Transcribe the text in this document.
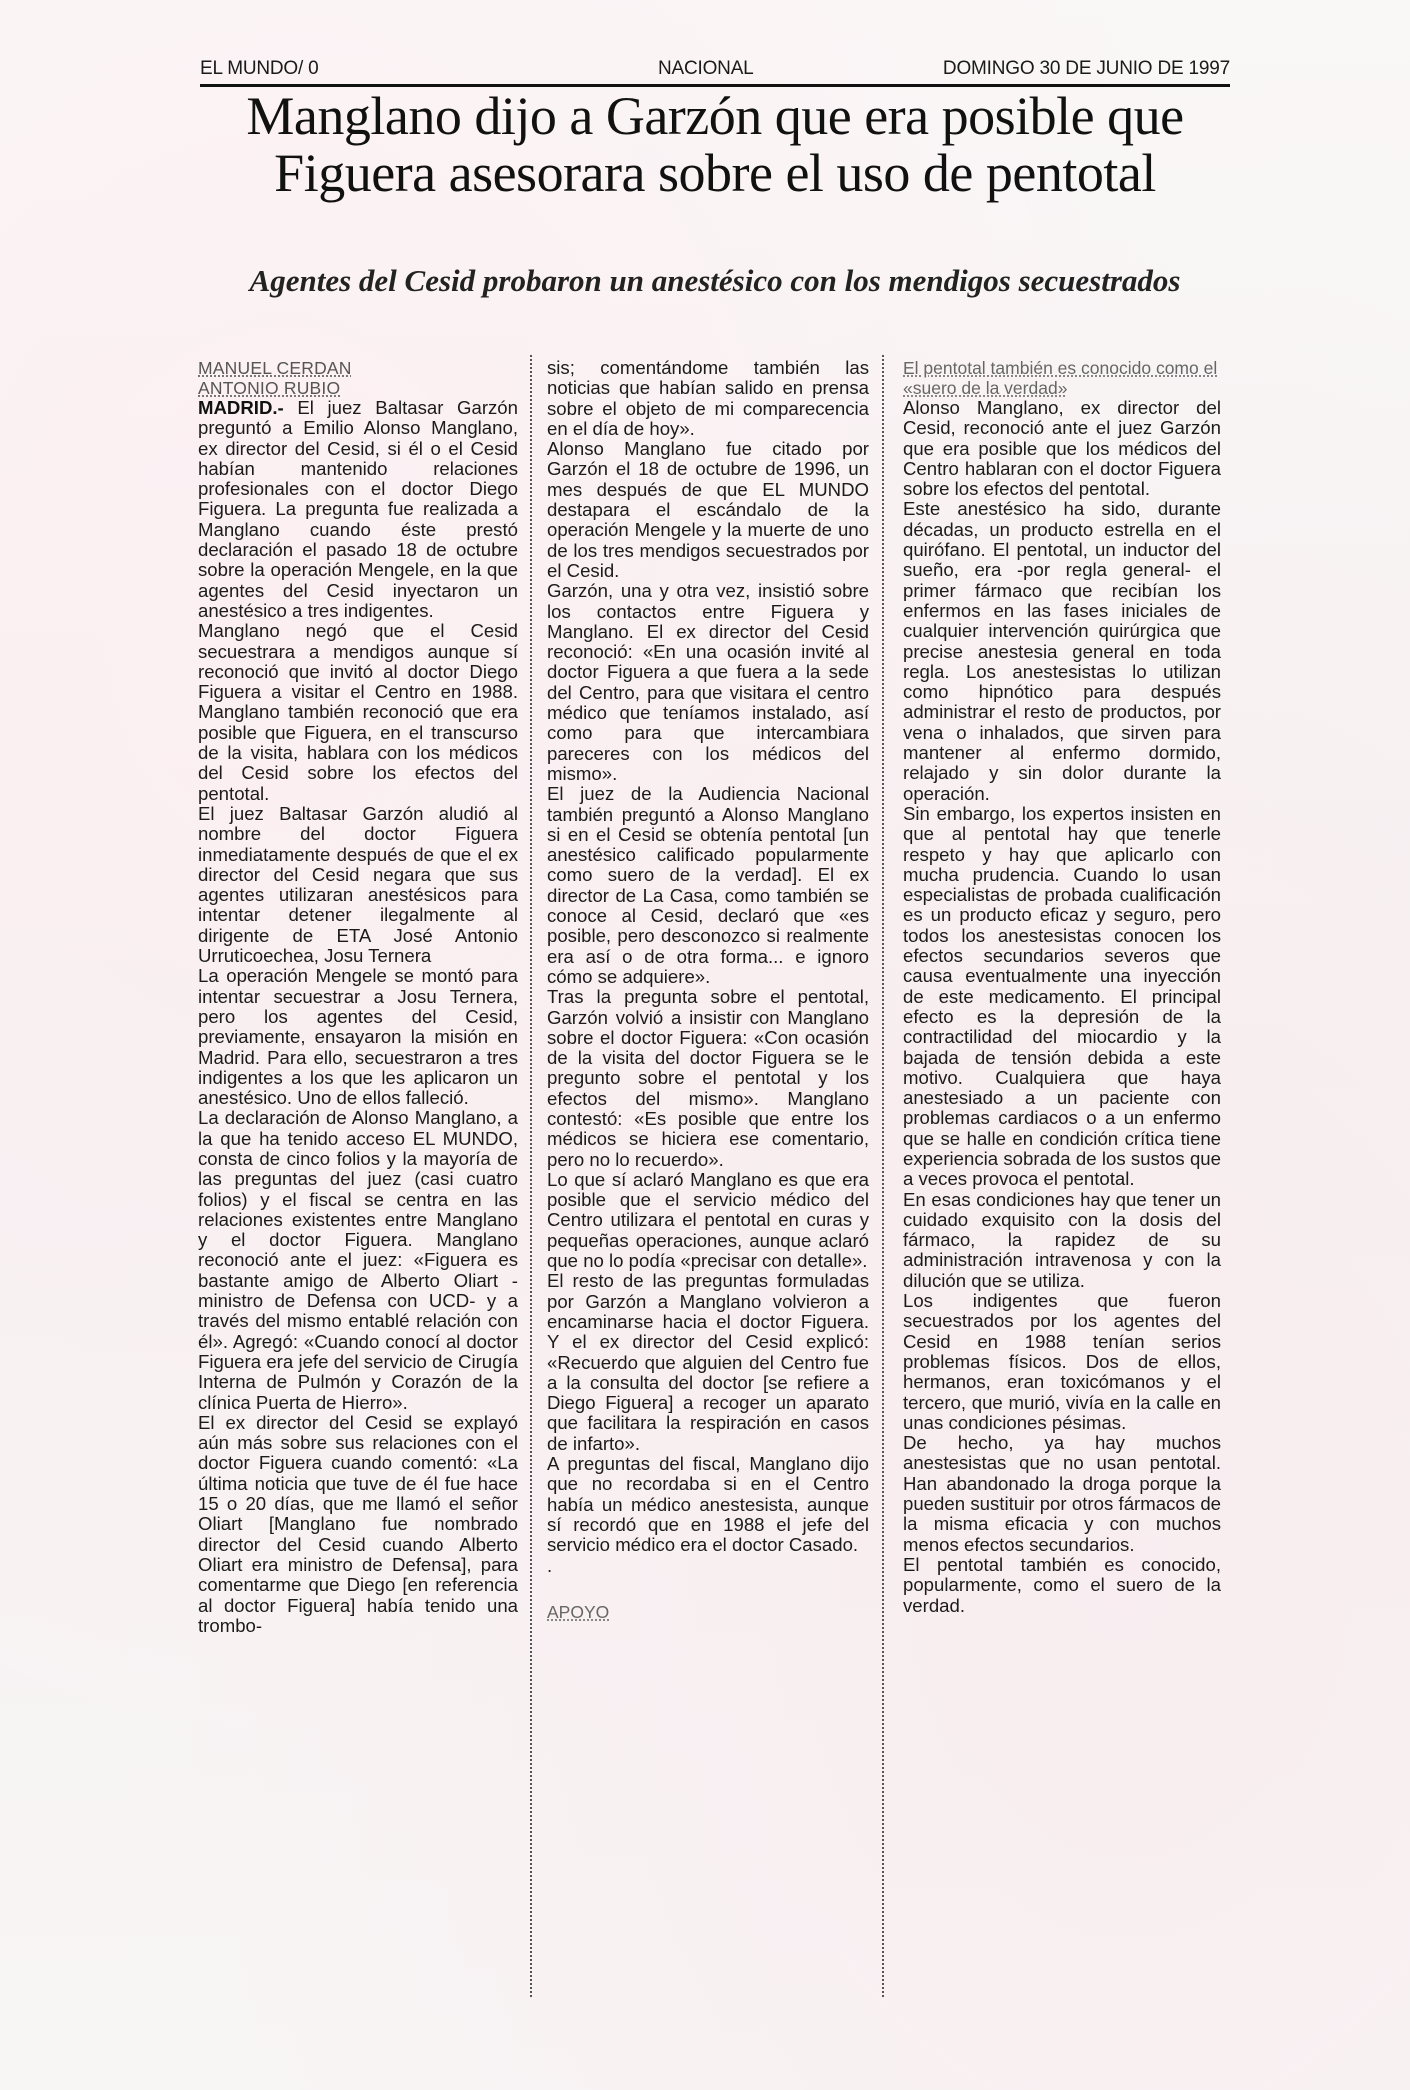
EL MUNDO/ 0	NACIONAL	DOMINGO 30 DE JUNIO DE 1997
Manglano dijo a Garzón que era posible que Figuera asesorara sobre el uso de pentotal
Agentes del Cesid probaron un anestésico con los mendigos secuestrados
MANUEL CERDAN
ANTONIO RUBIO

MADRID.- El juez Baltasar Garzón preguntó a Emilio Alonso Manglano, ex director del Cesid, si él o el Cesid habían mantenido relaciones profesionales con el doctor Diego Figuera. La pregunta fue realizada a Manglano cuando éste prestó declaración el pasado 18 de octubre sobre la operación Mengele, en la que agentes del Cesid inyectaron un anestésico a tres indigentes.

Manglano negó que el Cesid secuestrara a mendigos aunque sí reconoció que invitó al doctor Diego Figuera a visitar el Centro en 1988. Manglano también reconoció que era posible que Figuera, en el transcurso de la visita, hablara con los médicos del Cesid sobre los efectos del pentotal.

El juez Baltasar Garzón aludió al nombre del doctor Figuera inmediatamente después de que el ex director del Cesid negara que sus agentes utilizaran anestésicos para intentar detener ilegalmente al dirigente de ETA José Antonio Urruticoechea, Josu Ternera

La operación Mengele se montó para intentar secuestrar a Josu Ternera, pero los agentes del Cesid, previamente, ensayaron la misión en Madrid. Para ello, secuestraron a tres indigentes a los que les aplicaron un anestésico. Uno de ellos falleció.

La declaración de Alonso Manglano, a la que ha tenido acceso EL MUNDO, consta de cinco folios y la mayoría de las preguntas del juez (casi cuatro folios) y el fiscal se centra en las relaciones existentes entre Manglano y el doctor Figuera. Manglano reconoció ante el juez: «Figuera es bastante amigo de Alberto Oliart -ministro de Defensa con UCD- y a través del mismo entablé relación con él». Agregó: «Cuando conocí al doctor Figuera era jefe del servicio de Cirugía Interna de Pulmón y Corazón de la clínica Puerta de Hierro».

El ex director del Cesid se explayó aún más sobre sus relaciones con el doctor Figuera cuando comentó: «La última noticia que tuve de él fue hace 15 o 20 días, que me llamó el señor Oliart [Manglano fue nombrado director del Cesid cuando Alberto Oliart era ministro de Defensa], para comentarme que Diego [en referencia al doctor Figuera] había tenido una trombo-

sis; comentándome también las noticias que habían salido en prensa sobre el objeto de mi comparecencia en el día de hoy».

Alonso Manglano fue citado por Garzón el 18 de octubre de 1996, un mes después de que EL MUNDO destapara el escándalo de la operación Mengele y la muerte de uno de los tres mendigos secuestrados por el Cesid.

Garzón, una y otra vez, insistió sobre los contactos entre Figuera y Manglano. El ex director del Cesid reconoció: «En una ocasión invité al doctor Figuera a que fuera a la sede del Centro, para que visitara el centro médico que teníamos instalado, así como para que intercambiara pareceres con los médicos del mismo».

El juez de la Audiencia Nacional también preguntó a Alonso Manglano si en el Cesid se obtenía pentotal [un anestésico calificado popularmente como suero de la verdad]. El ex director de La Casa, como también se conoce al Cesid, declaró que «es posible, pero desconozco si realmente era así o de otra forma... e ignoro cómo se adquiere».

Tras la pregunta sobre el pentotal, Garzón volvió a insistir con Manglano sobre el doctor Figuera: «Con ocasión de la visita del doctor Figuera se le pregunto sobre el pentotal y los efectos del mismo». Manglano contestó: «Es posible que entre los médicos se hiciera ese comentario, pero no lo recuerdo».

Lo que sí aclaró Manglano es que era posible que el servicio médico del Centro utilizara el pentotal en curas y pequeñas operaciones, aunque aclaró que no lo podía «precisar con detalle».

El resto de las preguntas formuladas por Garzón a Manglano volvieron a encaminarse hacia el doctor Figuera. Y el ex director del Cesid explicó: «Recuerdo que alguien del Centro fue a la consulta del doctor [se refiere a Diego Figuera] a recoger un aparato que facilitara la respiración en casos de infarto».

A preguntas del fiscal, Manglano dijo que no recordaba si en el Centro había un médico anestesista, aunque sí recordó que en 1988 el jefe del servicio médico era el doctor Casado.

.
APOYO
El pentotal también es conocido como el «suero de la verdad»

Alonso Manglano, ex director del Cesid, reconoció ante el juez Garzón que era posible que los médicos del Centro hablaran con el doctor Figuera sobre los efectos del pentotal.

Este anestésico ha sido, durante décadas, un producto estrella en el quirófano. El pentotal, un inductor del sueño, era -por regla general- el primer fármaco que recibían los enfermos en las fases iniciales de cualquier intervención quirúrgica que precise anestesia general en toda regla. Los anestesistas lo utilizan como hipnótico para después administrar el resto de productos, por vena o inhalados, que sirven para mantener al enfermo dormido, relajado y sin dolor durante la operación.

Sin embargo, los expertos insisten en que al pentotal hay que tenerle respeto y hay que aplicarlo con mucha prudencia. Cuando lo usan especialistas de probada cualificación es un producto eficaz y seguro, pero todos los anestesistas conocen los efectos secundarios severos que causa eventualmente una inyección de este medicamento. El principal efecto es la depresión de la contractilidad del miocardio y la bajada de tensión debida a este motivo. Cualquiera que haya anestesiado a un paciente con problemas cardiacos o a un enfermo que se halle en condición crítica tiene experiencia sobrada de los sustos que a veces provoca el pentotal.

En esas condiciones hay que tener un cuidado exquisito con la dosis del fármaco, la rapidez de su administración intravenosa y con la dilución que se utiliza.

Los indigentes que fueron secuestrados por los agentes del Cesid en 1988 tenían serios problemas físicos. Dos de ellos, hermanos, eran toxicómanos y el tercero, que murió, vivía en la calle en unas condiciones pésimas.

De hecho, ya hay muchos anestesistas que no usan pentotal. Han abandonado la droga porque la pueden sustituir por otros fármacos de la misma eficacia y con muchos menos efectos secundarios.

El pentotal también es conocido, popularmente, como el suero de la verdad.
